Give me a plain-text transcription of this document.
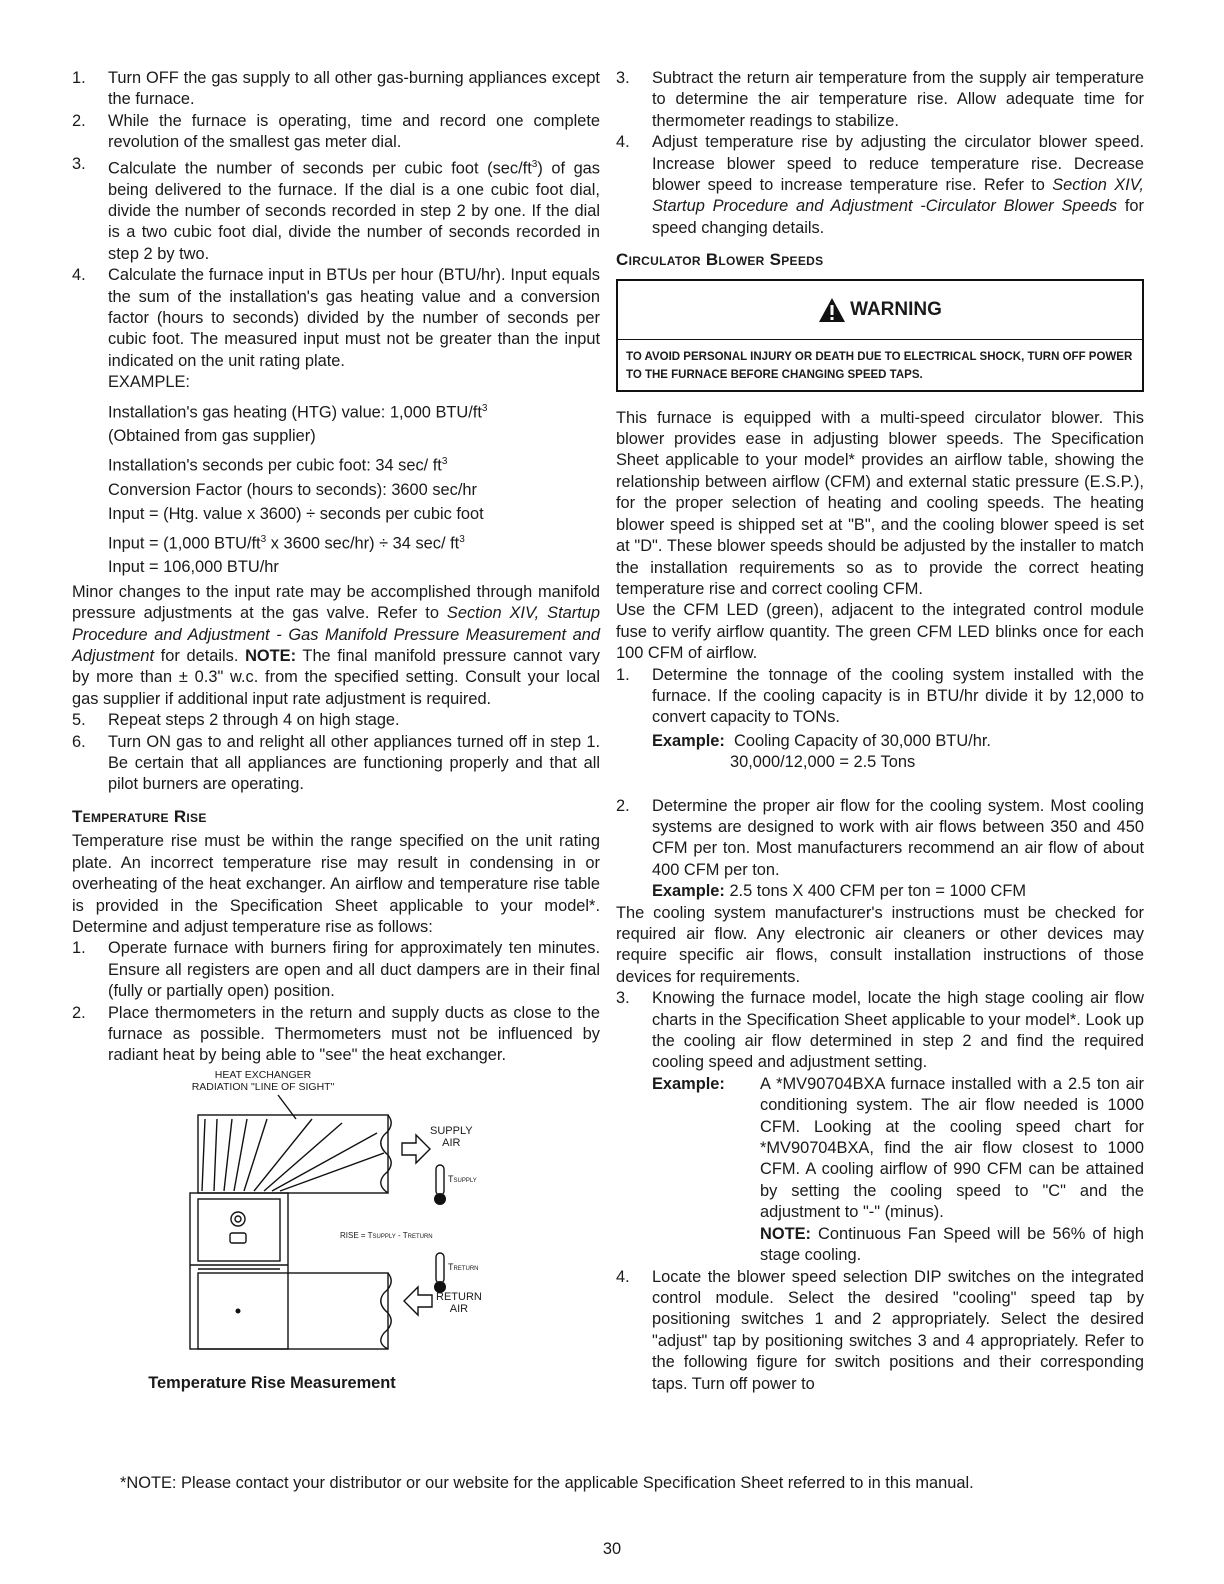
1.	Turn OFF the gas supply to all other gas-burning appliances except the furnace.
2.	While the furnace is operating, time and record one complete revolution of the smallest gas meter dial.
3.	Calculate the number of seconds per cubic foot $(\sec/ft^3)$ of gas being delivered to the furnace. If the dial is a one cubic foot dial, divide the number of seconds recorded in step 2 by one. If the dial is a two cubic foot dial, divide the number of seconds recorded in step 2 by two.
4.	Calculate the furnace input in BTUs per hour (BTU/hr). Input equals the sum of the installation's gas heating value and a conversion factor (hours to seconds) divided by the number of seconds per cubic foot. The measured input must not be greater than the input indicated on the unit rating plate.
EXAMPLE:
Installation's gas heating (HTG) value: 1,000 BTU/$ft^3$
(Obtained from gas supplier)
Installation's seconds per cubic foot: 34 sec/ $ft^3$
Conversion Factor (hours to seconds): 3600 sec/hr
Input = (Htg. value x 3600) ÷ seconds per cubic foot
Input = (1,000 BTU/$ft^3$ x 3600 sec/hr) ÷ 34 sec/ $ft^3$
Input = 106,000 BTU/hr

Minor changes to the input rate may be accomplished through manifold pressure adjustments at the gas valve. Refer to Section XIV, Startup Procedure and Adjustment - Gas Manifold Pressure Measurement and Adjustment for details. NOTE: The final manifold pressure cannot vary by more than ± 0.3" w.c. from the specified setting. Consult your local gas supplier if additional input rate adjustment is required.

5.	Repeat steps 2 through 4 on high stage.
6.	Turn ON gas to and relight all other appliances turned off in step 1. Be certain that all appliances are functioning properly and that all pilot burners are operating.
Temperature Rise

Temperature rise must be within the range specified on the unit rating plate. An incorrect temperature rise may result in condensing in or overheating of the heat exchanger. An airflow and temperature rise table is provided in the Specification Sheet applicable to your model*. Determine and adjust temperature rise as follows:

1.	Operate furnace with burners firing for approximately ten minutes. Ensure all registers are open and all duct dampers are in their final (fully or partially open) position.
2.	Place thermometers in the return and supply ducts as close to the furnace as possible. Thermometers must not be influenced by radiant heat by being able to "see" the heat exchanger.
HEAT EXCHANGER
RADIATION "LINE OF SIGHT"
SUPPLY
AIR
TSUPPLY
RISE = TSUPPLY - TRETURN
TRETURN
RETURN
AIR
Temperature Rise Measurement
3.	Subtract the return air temperature from the supply air temperature to determine the air temperature rise. Allow adequate time for thermometer readings to stabilize.
4.	Adjust temperature rise by adjusting the circulator blower speed. Increase blower speed to reduce temperature rise. Decrease blower speed to increase temperature rise. Refer to Section XIV, Startup Procedure and Adjustment -Circulator Blower Speeds for speed changing details.
Circulator Blower Speeds
WARNING
TO AVOID PERSONAL INJURY OR DEATH DUE TO ELECTRICAL SHOCK, TURN OFF POWER TO THE FURNACE BEFORE CHANGING SPEED TAPS.

This furnace is equipped with a multi-speed circulator blower. This blower provides ease in adjusting blower speeds. The Specification Sheet applicable to your model* provides an airflow table, showing the relationship between airflow (CFM) and external static pressure (E.S.P.), for the proper selection of heating and cooling speeds. The heating blower speed is shipped set at "B", and the cooling blower speed is set at "D". These blower speeds should be adjusted by the installer to match the installation requirements so as to provide the correct heating temperature rise and correct cooling CFM.

Use the CFM LED (green), adjacent to the integrated control module fuse to verify airflow quantity. The green CFM LED blinks once for each 100 CFM of airflow.

1.	Determine the tonnage of the cooling system installed with the furnace. If the cooling capacity is in BTU/hr divide it by 12,000 to convert capacity to TONs.
Example: Cooling Capacity of 30,000 BTU/hr.
30,000/12,000 = 2.5 Tons
2.	Determine the proper air flow for the cooling system. Most cooling systems are designed to work with air flows between 350 and 450 CFM per ton. Most manufacturers recommend an air flow of about 400 CFM per ton.
Example: 2.5 tons X 400 CFM per ton = 1000 CFM

The cooling system manufacturer's instructions must be checked for required air flow. Any electronic air cleaners or other devices may require specific air flows, consult installation instructions of those devices for requirements.

3.	Knowing the furnace model, locate the high stage cooling air flow charts in the Specification Sheet applicable to your model*. Look up the cooling air flow determined in step 2 and find the required cooling speed and adjustment setting.
Example:	A *MV90704BXA furnace installed with a 2.5 ton air conditioning system. The air flow needed is 1000 CFM. Looking at the cooling speed chart for *MV90704BXA, find the air flow closest to 1000 CFM. A cooling airflow of 990 CFM can be attained by setting the cooling speed to "C" and the adjustment to "-" (minus).
NOTE: Continuous Fan Speed will be 56% of high stage cooling.
4.	Locate the blower speed selection DIP switches on the integrated control module. Select the desired "cooling" speed tap by positioning switches 1 and 2 appropriately. Select the desired "adjust" tap by positioning switches 3 and 4 appropriately. Refer to the following figure for switch positions and their corresponding taps. Turn off power to
*NOTE: Please contact your distributor or our website for the applicable Specification Sheet referred to in this manual.
30
